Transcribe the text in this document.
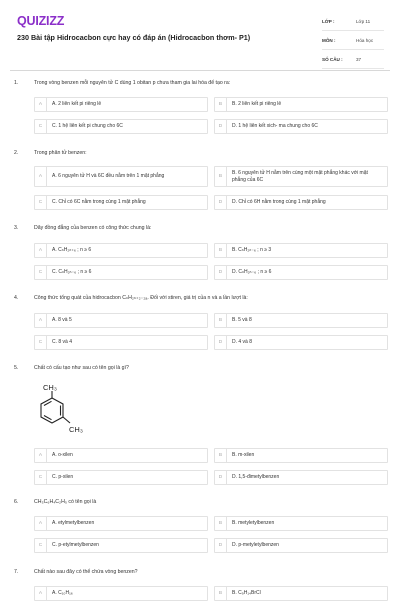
QUIZIZZ
230 Bài tập Hidrocacbon cực hay có đáp án (Hidrocacbon thơm- P1)
LỚP :	Lớp 11
MÔN :	Hóa học
SỐ CÂU :	37
1.	Trong vòng benzen mỗi nguyên tử C dùng 1 obitan p chưa tham gia lai hóa để tạo ra:
A	A. 2 liên kết pi riêng lẻ	B	B. 2 liên kết pi riêng lẻ
C	C. 1 hệ liên kết pi chung cho 6C	D	D. 1 hệ liên kết xich- ma chung cho 6C
2.	Trong phân tử benzen:
A	A. 6 nguyên tử H và 6C đều nằm trên 1 mặt phẳng	B
B. 6 nguyên tử H nằm trên cùng một mặt phẳng khác với mặt phẳng của 6C
C	C. Chỉ có 6C nằm trong cùng 1 mặt phẳng	D	D. Chỉ có 6H nằm trong cùng 1 mặt phẳng
3.	Dãy đồng đẳng của benzen có công thức chung là:
A	A. CₙH₂ₙ₊₆ ; n ≥ 6	B	B. CₙH₂ₙ₋₆ ; n ≥ 3
C	C. CₙH₂ₙ₋₆ ; n ≥ 6	D	D. CₙH₂ₙ₋₆ ; n ≥ 6
4.	Công thức tổng quát của hidrocacbon CₙH₂ₙ₊₂₋₂ₐ. Đối với stiren, giá trị của n và a lần lượt là:
A	A. 8 và 5	B	B. 5 và 8
C	C. 8 và 4	D	D. 4 và 8
5.	Chất có cấu tạo như sau có tên gọi là gì?
CH₃
CH₃
A	A. o-xilen	B	B. m-xilen
C	C. p-xilen	D	D. 1,5-đimetylbenzen
6.	CH₃C₆H₄C₂H₅ có tên gọi là
A	A. etylmetylbenzen	B	B. metyletylbenzen
C	C. p-etylmetylbenzen	D	D. p-metyletylbenzen
7.	Chất nào sau đây có thể chứa vòng benzen?
A	A. C₁₀H₁₆	B	B. C₉H₁₄BrCl
